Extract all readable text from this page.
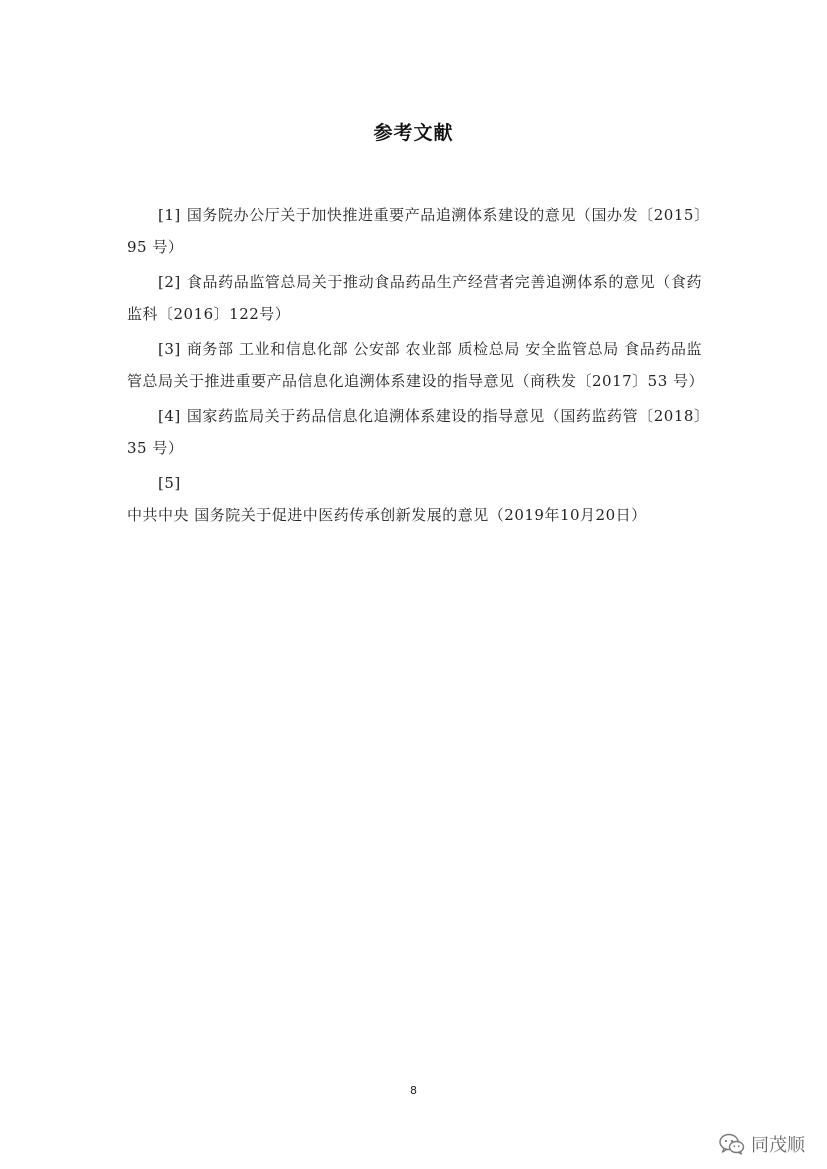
参考文献

[1] 国务院办公厅关于加快推进重要产品追溯体系建设的意见（国办发〔2015〕95 号）

[2] 食品药品监管总局关于推动食品药品生产经营者完善追溯体系的意见（食药监科〔2016〕122号）

[3] 商务部 工业和信息化部 公安部 农业部 质检总局 安全监管总局 食品药品监管总局关于推进重要产品信息化追溯体系建设的指导意见（商秩发〔2017〕53 号）

[4] 国家药监局关于药品信息化追溯体系建设的指导意见（国药监药管〔2018〕35 号）

[5]中共中央 国务院关于促进中医药传承创新发展的意见（2019年10月20日）

8
同茂顺
